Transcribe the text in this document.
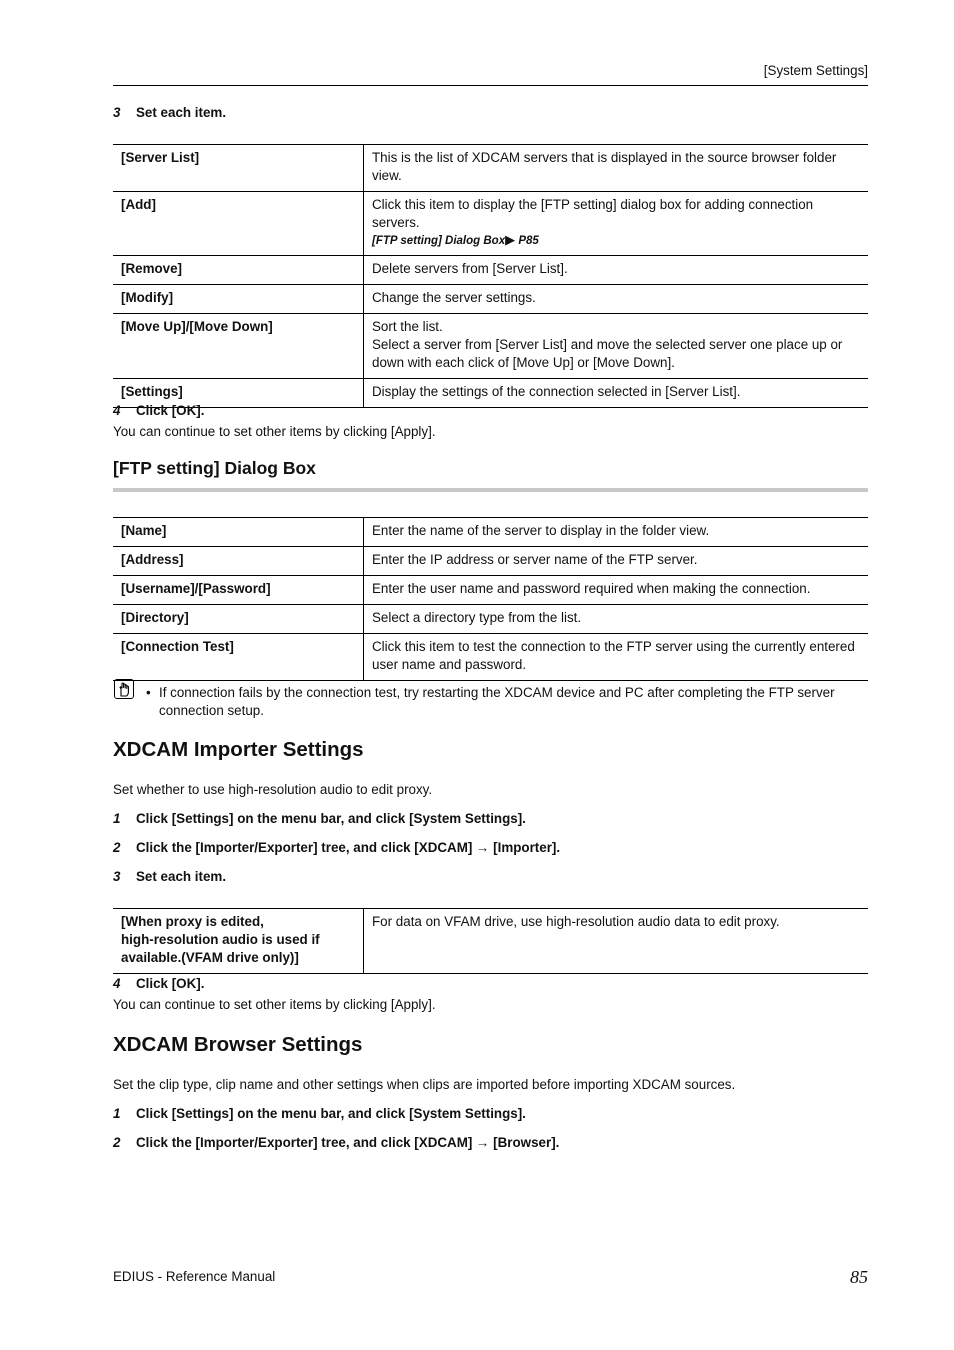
[System Settings]
3 Set each item.
[Server List]	This is the list of XDCAM servers that is displayed in the source browser folder view.
[Add]	Click this item to display the [FTP setting] dialog box for adding connection servers.
[FTP setting] Dialog Box▶ P85

[Remove]	Delete servers from [Server List].
[Modify]	Change the server settings.
[Move Up]/[Move Down]	Sort the list.
Select a server from [Server List] and move the selected server one place up or down with each click of [Move Up] or [Move Down].

[Settings]	Display the settings of the connection selected in [Server List].
4 Click [OK].
You can continue to set other items by clicking [Apply].
[FTP setting] Dialog Box
[Name]	Enter the name of the server to display in the folder view.
[Address]	Enter the IP address or server name of the FTP server.
[Username]/[Password]	Enter the user name and password required when making the connection.
[Directory]	Select a directory type from the list.
[Connection Test]	Click this item to test the connection to the FTP server using the currently entered user name and password.
• If connection fails by the connection test, try restarting the XDCAM device and PC after completing the FTP server connection setup.
XDCAM Importer Settings
Set whether to use high-resolution audio to edit proxy.
1 Click [Settings] on the menu bar, and click [System Settings].
2 Click the [Importer/Exporter] tree, and click [XDCAM] → [Importer].
3 Set each item.
[When proxy is edited,
high-resolution audio is used if
available.(VFAM drive only)]
	For data on VFAM drive, use high-resolution audio data to edit proxy.
4 Click [OK].
You can continue to set other items by clicking [Apply].
XDCAM Browser Settings
Set the clip type, clip name and other settings when clips are imported before importing XDCAM sources.
1 Click [Settings] on the menu bar, and click [System Settings].
2 Click the [Importer/Exporter] tree, and click [XDCAM] → [Browser].
EDIUS - Reference Manual	85
